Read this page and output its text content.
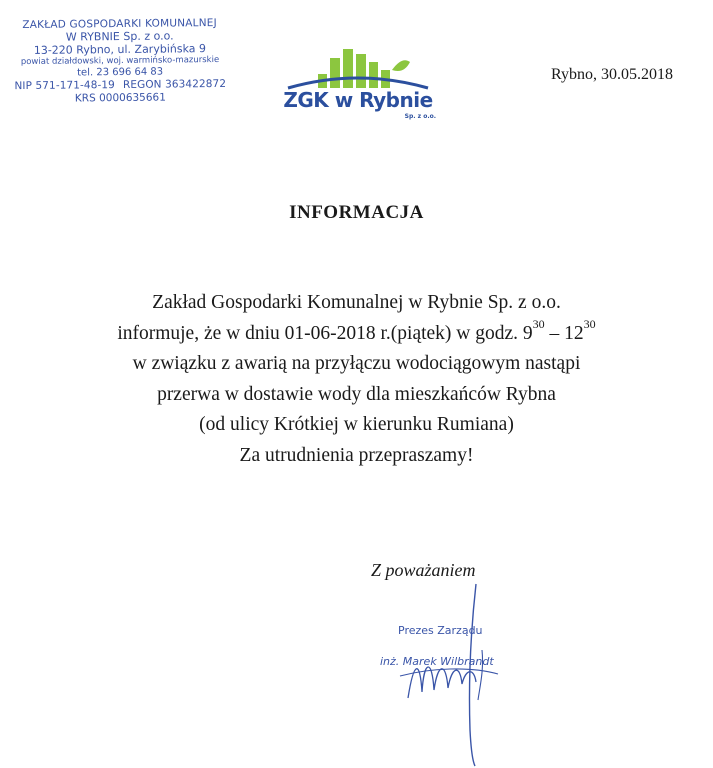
ZAKŁAD GOSPODARKI KOMUNALNEJ
W RYBNIE Sp. z o.o.
13-220 Rybno, ul. Zarybińska 9
powiat działdowski, woj. warmińsko-mazurskie
tel. 23 696 64 83
NIP 571-171-48-19 REGON 363422872
KRS 0000635661	ZGK w Rybnie
Sp. z o.o.
Rybno, 30.05.2018
INFORMACJA
Zakład Gospodarki Komunalnej w Rybnie Sp. z o.o.
informuje, że w dniu 01-06-2018 r.(piątek) w godz. $9^{30} - 12^{30}$
w związku z awarią na przyłączu wodociągowym nastąpi
przerwa w dostawie wody dla mieszkańców Rybna
(od ulicy Krótkiej w kierunku Rumiana)
Za utrudnienia przepraszamy!
Z poważaniem
Prezes Zarządu
inż. Marek Wilbrandt
